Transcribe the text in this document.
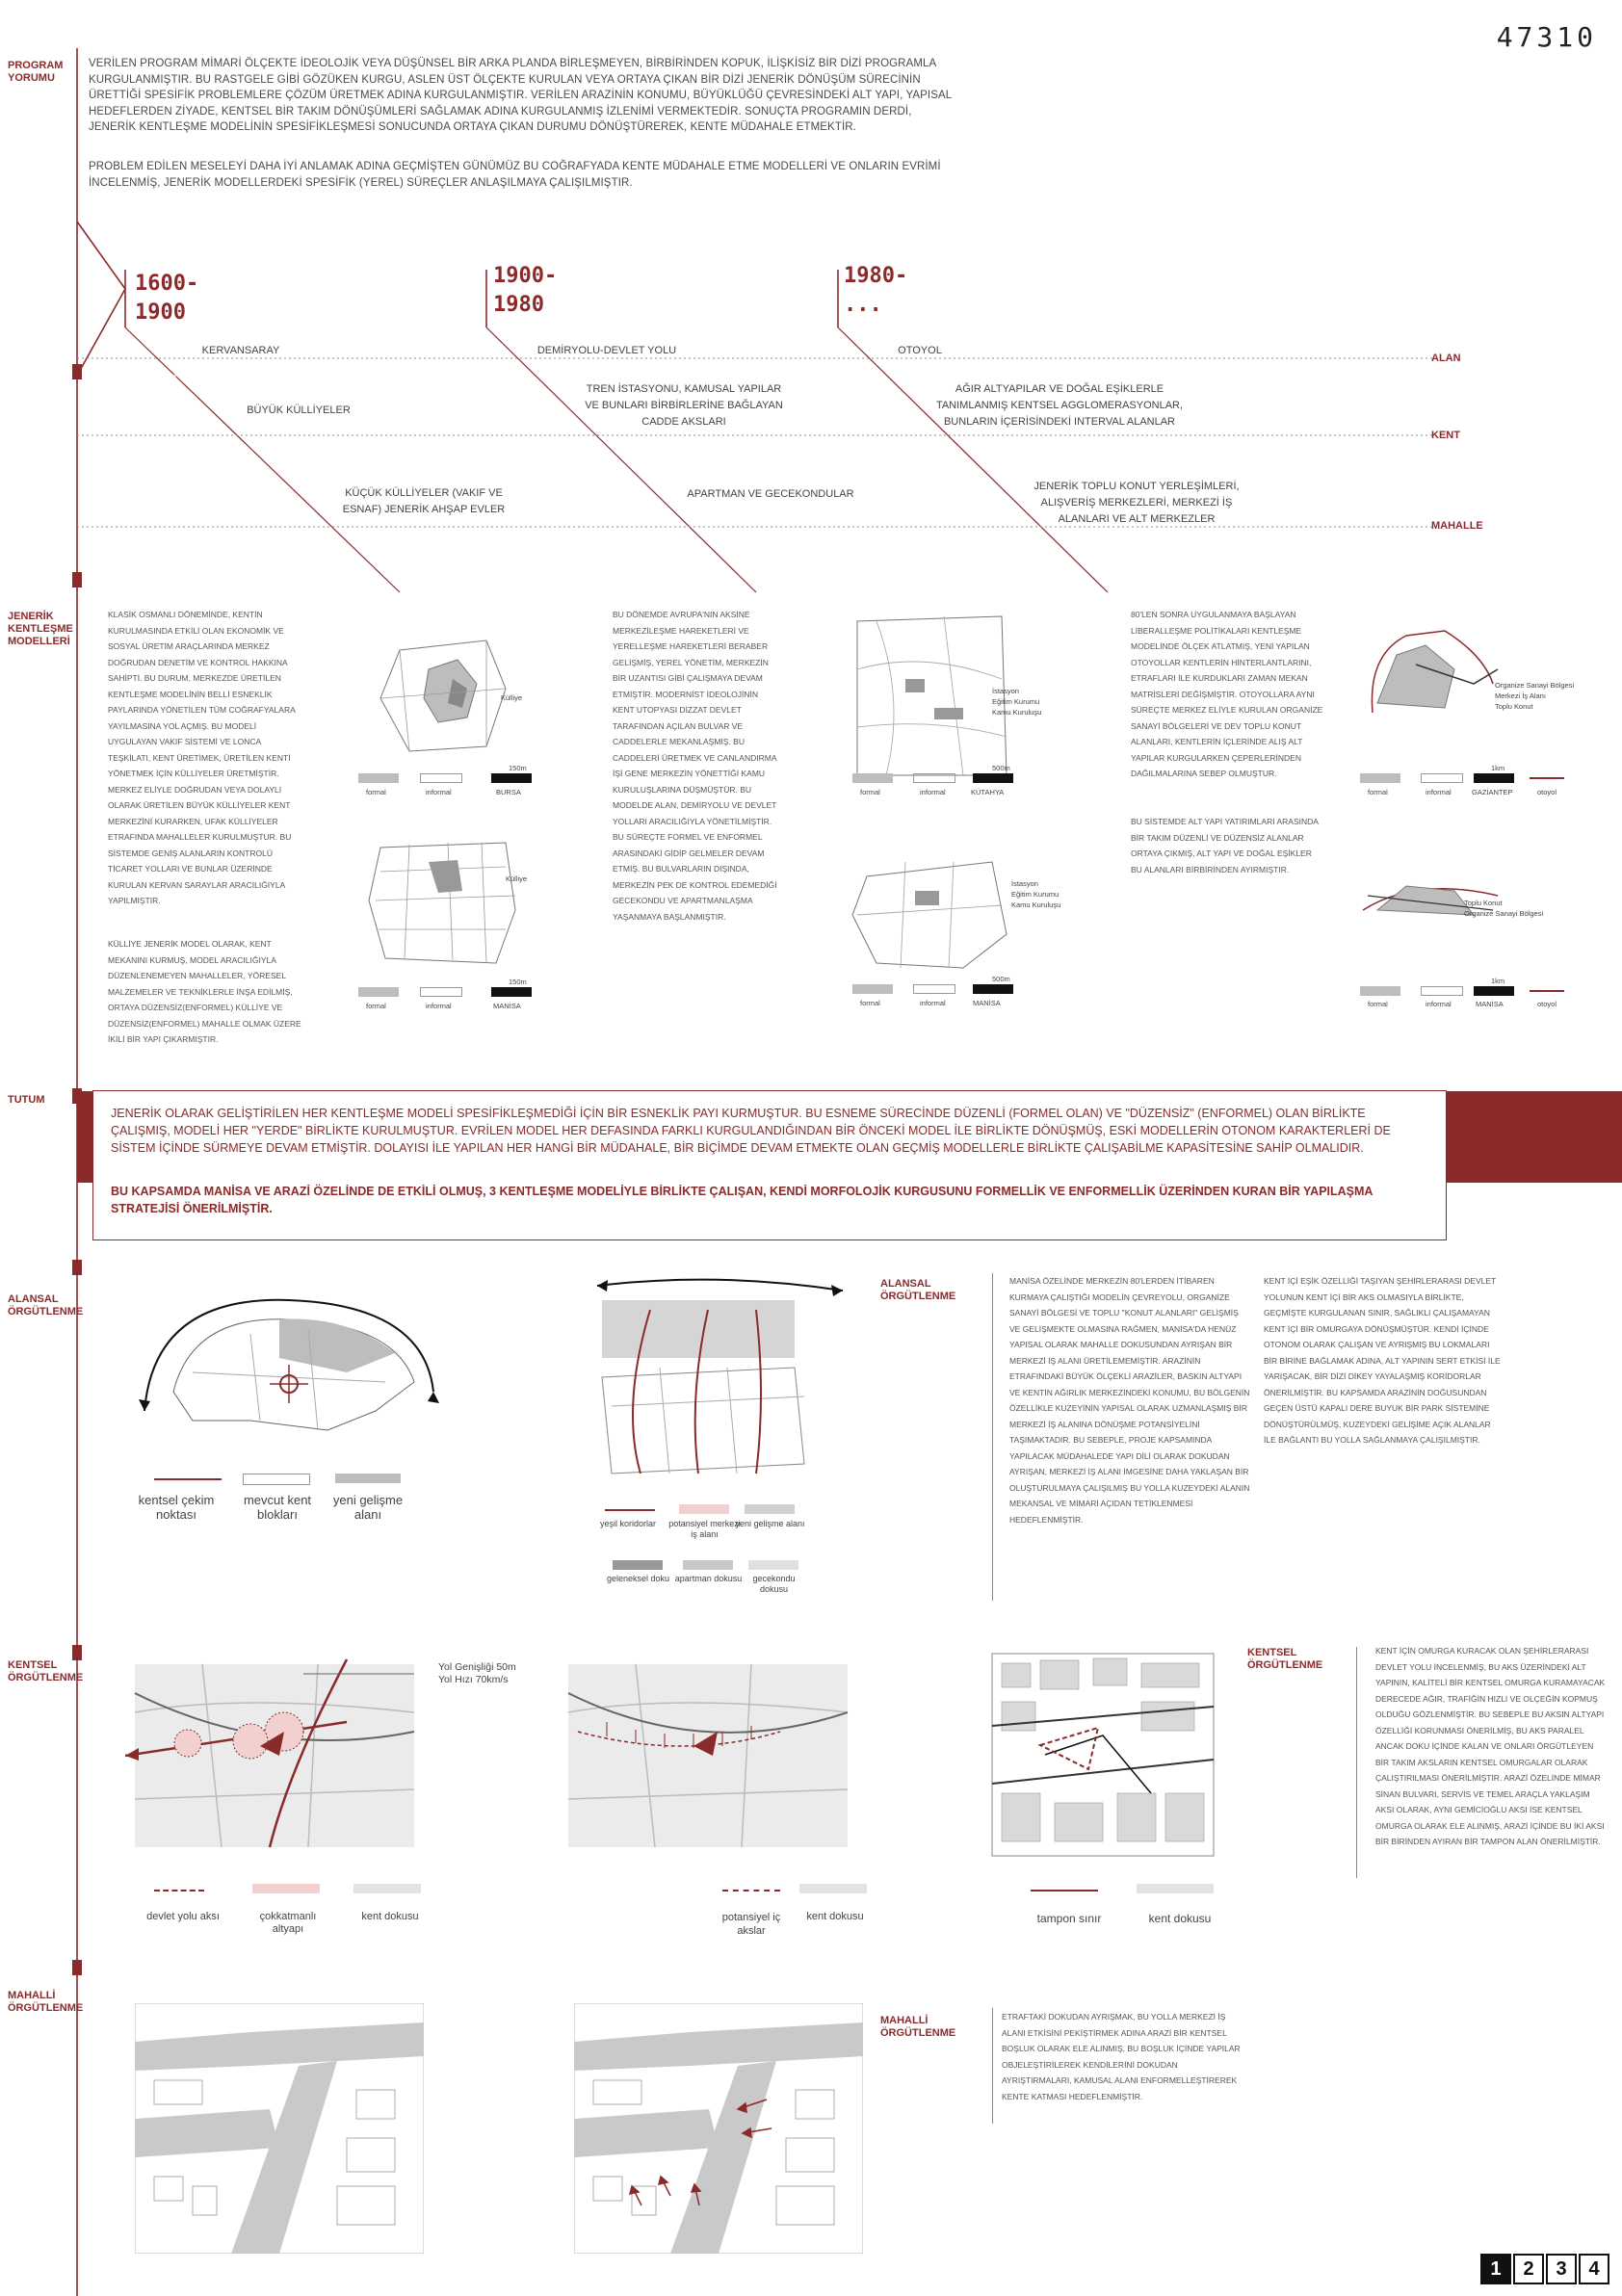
47310
PROGRAM YORUMU
JENERİK KENTLEŞME MODELLERİ
TUTUM
ALANSAL ÖRGÜTLENME
KENTSEL ÖRGÜTLENME
MAHALLİ ÖRGÜTLENME
VERİLEN PROGRAM MİMARİ ÖLÇEKTE İDEOLOJİK VEYA DÜŞÜNSEL BİR ARKA PLANDA BİRLEŞMEYEN, BİRBİRİNDEN KOPUK, İLİŞKİSİZ BİR DİZİ PROGRAMLA KURGULANMIŞTIR. BU RASTGELE GİBİ GÖZÜKEN KURGU, ASLEN ÜST ÖLÇEKTE KURULAN VEYA ORTAYA ÇIKAN BİR DİZİ JENERİK DÖNÜŞÜM SÜRECİNİN ÜRETTİĞİ SPESİFİK PROBLEMLERE ÇÖZÜM ÜRETMEK ADINA KURGULANMIŞTIR. VERİLEN ARAZİNİN KONUMU, BÜYÜKLÜĞÜ ÇEVRESİNDEKİ ALT YAPI, YAPISAL HEDEFLERDEN ZİYADE, KENTSEL BİR TAKIM DÖNÜŞÜMLERİ SAĞLAMAK ADINA KURGULANMIŞ İZLENİMİ VERMEKTEDİR. SONUÇTA PROGRAMIN DERDİ, JENERİK KENTLEŞME MODELİNİN SPESİFİKLEŞMESİ SONUCUNDA ORTAYA ÇIKAN DURUMU DÖNÜŞTÜREREK, KENTE MÜDAHALE ETMEKTİR.
PROBLEM EDİLEN MESELEYİ DAHA İYİ ANLAMAK ADINA GEÇMİŞTEN GÜNÜMÜZ BU COĞRAFYADA KENTE MÜDAHALE ETME MODELLERİ VE ONLARIN EVRİMİ İNCELENMİŞ, JENERİK MODELLERDEKİ SPESİFİK (YEREL) SÜREÇLER ANLAŞILMAYA ÇALIŞILMIŞTIR.
1600-
1900
1900-
1980
1980-
...
ALAN
KENT
MAHALLE
KERVANSARAY	DEMİRYOLU-DEVLET YOLU	OTOYOL
BÜYÜK KÜLLİYELER
TREN İSTASYONU, KAMUSAL YAPILAR VE BUNLARI BİRBİRLERİNE BAĞLAYAN CADDE AKSLARI
AĞIR ALTYAPILAR VE DOĞAL EŞİKLERLE TANIMLANMIŞ KENTSEL AGGLOMERASYONLAR, BUNLARIN İÇERİSİNDEKİ INTERVAL ALANLAR
KÜÇÜK KÜLLİYELER (VAKIF VE ESNAF) JENERİK AHŞAP EVLER
APARTMAN VE GECEKONDULAR
JENERİK TOPLU KONUT YERLEŞİMLERİ, ALIŞVERİŞ MERKEZLERİ, MERKEZİ İŞ ALANLARI VE ALT MERKEZLER
KLASİK OSMANLI DÖNEMİNDE, KENTİN KURULMASINDA ETKİLİ OLAN EKONOMİK VE SOSYAL ÜRETİM ARAÇLARINDA MERKEZ DOĞRUDAN DENETİM VE KONTROL HAKKINA SAHİPTİ. BU DURUM, MERKEZDE ÜRETİLEN KENTLEŞME MODELİNİN BELLİ ESNEKLİK PAYLARINDA YÖNETİLEN TÜM COĞRAFYALARA YAYILMASINA YOL AÇMIŞ. BU MODELİ UYGULAYAN VAKIF SİSTEMİ VE LONCA TEŞKİLATI, KENT ÜRETİMEK, ÜRETİLEN KENTİ YÖNETMEK İÇİN KÜLLİYELER ÜRETMİŞTİR. MERKEZ ELİYLE DOĞRUDAN VEYA DOLAYLI OLARAK ÜRETİLEN BÜYÜK KÜLLİYELER KENT MERKEZİNİ KURARKEN, UFAK KÜLLİYELER ETRAFINDA MAHALLELER KURULMUŞTUR. BU SİSTEMDE GENİŞ ALANLARIN KONTROLÜ TİCARET YOLLARI VE BUNLAR ÜZERİNDE KURULAN KERVAN SARAYLAR ARACILIĞIYLA YAPILMIŞTIR.
KÜLLİYE JENERİK MODEL OLARAK, KENT MEKANINI KURMUŞ, MODEL ARACILIĞIYLA DÜZENLENEMEYEN MAHALLELER, YÖRESEL MALZEMELER VE TEKNİKLERLE İNŞA EDİLMİŞ, ORTAYA DÜZENSİZ(ENFORMEL) KÜLLİYE VE DÜZENSİZ(ENFORMEL) MAHALLE OLMAK ÜZERE İKİLİ BİR YAPI ÇIKARMIŞTIR.
BU DÖNEMDE AVRUPA'NIN AKSİNE MERKEZİLEŞME HAREKETLERİ VE YERELLEŞME HAREKETLERİ BERABER GELİŞMİŞ, YEREL YÖNETİM, MERKEZİN BİR UZANTISI GİBİ ÇALIŞMAYA DEVAM ETMİŞTİR. MODERNİST İDEOLOJİNİN KENT UTOPYASI DİZZAT DEVLET TARAFINDAN AÇILAN BULVAR VE CADDELERLE MEKANLAŞMIŞ. BU CADDELERİ ÜRETMEK VE CANLANDIRMA İŞİ GENE MERKEZİN YÖNETTİĞİ KAMU KURULUŞLARINA DÜŞMÜŞTÜR. BU MODELDE ALAN, DEMİRYOLU VE DEVLET YOLLARI ARACILIĞIYLA YÖNETİLMİŞTİR. BU SÜREÇTE FORMEL VE ENFORMEL ARASINDAKİ GİDİP GELMELER DEVAM ETMİŞ. BU BULVARLARIN DIŞINDA, MERKEZİN PEK DE KONTROL EDEMEDİĞİ GECEKONDU VE APARTMANLAŞMA YAŞANMAYA BAŞLANMIŞTIR.
80'LEN SONRA UYGULANMAYA BAŞLAYAN LİBERALLEŞME POLİTİKALARI KENTLEŞME MODELİNDE ÖLÇEK ATLATMIŞ, YENİ YAPILAN OTOYOLLAR KENTLERİN HİNTERLANTLARINI, ETRAFLARI İLE KURDUKLARI ZAMAN MEKAN MATRİSLERİ DEĞİŞMİŞTİR. OTOYOLLARA AYNI SÜREÇTE MERKEZ ELİYLE KURULAN ORGANİZE SANAYİ BÖLGELERİ VE DEV TOPLU KONUT ALANLARI, KENTLERİN İÇLERİNDE ALIŞ ALT YAPILAR KURGULARKEN ÇEPERLERİNDEN DAĞILMALARINA SEBEP OLMUŞTUR.
BU SİSTEMDE ALT YAPI YATIRIMLARI ARASINDA BİR TAKIM DÜZENLİ VE DÜZENSİZ ALANLAR ORTAYA ÇIKMIŞ, ALT YAPI VE DOĞAL EŞİKLER BU ALANLARI BİRBİRİNDEN AYIRMIŞTIR.
Külliye
Külliye
İstasyon
Eğitim Kurumu
Kamu Kuruluşu
İstasyon
Eğitim Kurumu
Kamu Kuruluşu
Organize Sanayi Bölgesi
Merkezi İş Alanı
Toplu Konut
Toplu Konut
Organize Sanayi Bölgesi
formal	informal	BURSA
150m
formal	informal	MANİSA
150m
formal	informal	KÜTAHYA
500m
formal	informal	MANİSA
500m
formal	informal	GAZİANTEP	otoyol
1km
formal	informal	MANİSA	otoyol
1km
JENERİK OLARAK GELİŞTİRİLEN HER KENTLEŞME MODELİ SPESİFİKLEŞMEDİĞİ İÇİN BİR ESNEKLİK PAYI KURMUŞTUR. BU ESNEME SÜRECİNDE DÜZENLİ (FORMEL OLAN) VE "DÜZENSİZ" (ENFORMEL) OLAN BİRLİKTE ÇALIŞMIŞ, MODELİ HER "YERDE" BİRLİKTE KURULMUŞTUR. EVRİLEN MODEL HER DEFASINDA FARKLI KURGULANDIĞINDAN BİR ÖNCEKİ MODEL İLE BİRLİKTE DÖNÜŞMÜŞ, ESKİ MODELLERİN OTONOM KARAKTERLERİ DE SİSTEM İÇİNDE SÜRMEYE DEVAM ETMİŞTİR. DOLAYISI İLE YAPILAN HER HANGİ BİR MÜDAHALE, BİR BİÇİMDE DEVAM ETMEKTE OLAN GEÇMİŞ MODELLERLE BİRLİKTE ÇALIŞABİLME KAPASİTESİNE SAHİP OLMALIDIR.
BU KAPSAMDA MANİSA VE ARAZİ ÖZELİNDE DE ETKİLİ OLMUŞ, 3 KENTLEŞME MODELİYLE BİRLİKTE ÇALIŞAN, KENDİ MORFOLOJİK KURGUSUNU FORMELLİK VE ENFORMELLİK ÜZERİNDEN KURAN BİR YAPILAŞMA STRATEJİSİ ÖNERİLMİŞTİR.
kentsel çekim noktası
mevcut kent blokları
yeni gelişme alanı
yeşil koridorlar	potansiyel merkezi iş alanı
yeni gelişme alanı
geleneksel doku apartman dokusu	gecekondu dokusu
ALANSAL ÖRGÜTLENME
MANİSA ÖZELİNDE MERKEZİN 80'LERDEN İTİBAREN KURMAYA ÇALIŞTIĞI MODELİN ÇEVREYOLU, ORGANİZE SANAYİ BÖLGESİ VE TOPLU "KONUT ALANLARI" GELİŞMİŞ VE GELİŞMEKTE OLMASINA RAĞMEN, MANİSA'DA HENÜZ YAPISAL OLARAK MAHALLE DOKUSUNDAN AYRIŞAN BİR MERKEZİ İŞ ALANI ÜRETİLEMEMİŞTİR. ARAZİNİN ETRAFINDAKİ BÜYÜK ÖLÇEKLİ ARAZİLER, BASKIN ALTYAPI VE KENTİN AĞIRLIK MERKEZİNDEKİ KONUMU, BU BÖLGENİN ÖZELLİKLE KUZEYİNİN YAPISAL OLARAK UZMANLAŞMIŞ BİR MERKEZİ İŞ ALANINA DÖNÜŞME POTANSİYELİNİ TAŞIMAKTADIR. BU SEBEPLE, PROJE KAPSAMINDA YAPILACAK MÜDAHALEDE YAPI DİLİ OLARAK DOKUDAN AYRIŞAN, MERKEZİ İŞ ALANI İMGESİNE DAHA YAKLAŞAN BİR OLUŞTURULMAYA ÇALIŞILMIŞ BU YOLLA KUZEYDEKİ ALANIN MEKANSAL VE MİMARİ AÇIDAN TETİKLENMESİ HEDEFLENMİŞTİR.
KENT İÇİ EŞİK ÖZELLİĞİ TAŞIYAN ŞEHİRLERARASI DEVLET YOLUNUN KENT İÇİ BİR AKS OLMASIYLA BİRLİKTE, GEÇMİŞTE KURGULANAN SINIR, SAĞLIKLI ÇALIŞAMAYAN KENT İÇİ BİR OMURGAYA DÖNÜŞMÜŞTÜR. KENDİ İÇİNDE OTONOM OLARAK ÇALIŞAN VE AYRIŞMIŞ BU LOKMALARI BİR BİRİNE BAĞLAMAK ADINA, ALT YAPININ SERT ETKİSİ İLE YARIŞACAK, BİR DİZİ DİKEY YAYALAŞMIŞ KORİDORLAR ÖNERİLMİŞTİR. BU KAPSAMDA ARAZİNİN DOĞUSUNDAN GEÇEN ÜSTÜ KAPALI DERE BUYUK BİR PARK SİSTEMİNE DÖNÜŞTÜRÜLMÜŞ, KUZEYDEKİ GELİŞİME AÇIK ALANLAR İLE BAĞLANTI BU YOLLA SAĞLANMAYA ÇALIŞILMIŞTIR.
Yol Genişliği 50m
Yol Hızı 70km/s
devlet yolu aksı	çokkatmanlı altyapı
kent dokusu	potansiyel iç akslar
kent dokusu	tampon sınır	kent dokusu
KENTSEL ÖRGÜTLENME
KENT İÇİN OMURGA KURACAK OLAN ŞEHİRLERARASI DEVLET YOLU İNCELENMİŞ, BU AKS ÜZERİNDEKİ ALT YAPININ, KALİTELİ BİR KENTSEL OMURGA KURAMAYACAK DERECEDE AĞIR, TRAFİĞİN HIZLI VE OLÇEĞİN KOPMUŞ OLDUĞU GÖZLENMİŞTİR. BU SEBEPLE BU AKSIN ALTYAPI ÖZELLİĞİ KORUNMASI ÖNERİLMİŞ, BU AKS PARALEL ANCAK DOKU İÇİNDE KALAN VE ONLARI ÖRGÜTLEYEN BİR TAKIM AKSLARIN KENTSEL OMURGALAR OLARAK ÇALIŞTIRILMASI ÖNERİLMİŞTİR. ARAZİ ÖZELİNDE MİMAR SİNAN BULVARI, SERVİS VE TEMEL ARAÇLA YAKLAŞIM AKSI OLARAK, AYNI GEMİCİOĞLU AKSI İSE KENTSEL OMURGA OLARAK ELE ALINMIŞ, ARAZİ İÇİNDE BU İKİ AKSI BİR BİRİNDEN AYIRAN BİR TAMPON ALAN ÖNERİLMİŞTİR.
MAHALLİ ÖRGÜTLENME
ETRAFTAKİ DOKUDAN AYRIŞMAK, BU YOLLA MERKEZİ İŞ ALANI ETKİSİNİ PEKİŞTİRMEK ADINA ARAZİ BİR KENTSEL BOŞLUK OLARAK ELE ALINMIŞ, BU BOŞLUK İÇİNDE YAPILAR OBJELEŞTİRİLEREK KENDİLERİNİ DOKUDAN AYRIŞTIRMALARI, KAMUSAL ALANI ENFORMELLEŞTİREREK KENTE KATMASI HEDEFLENMİŞTİR.
1	2	3	4
